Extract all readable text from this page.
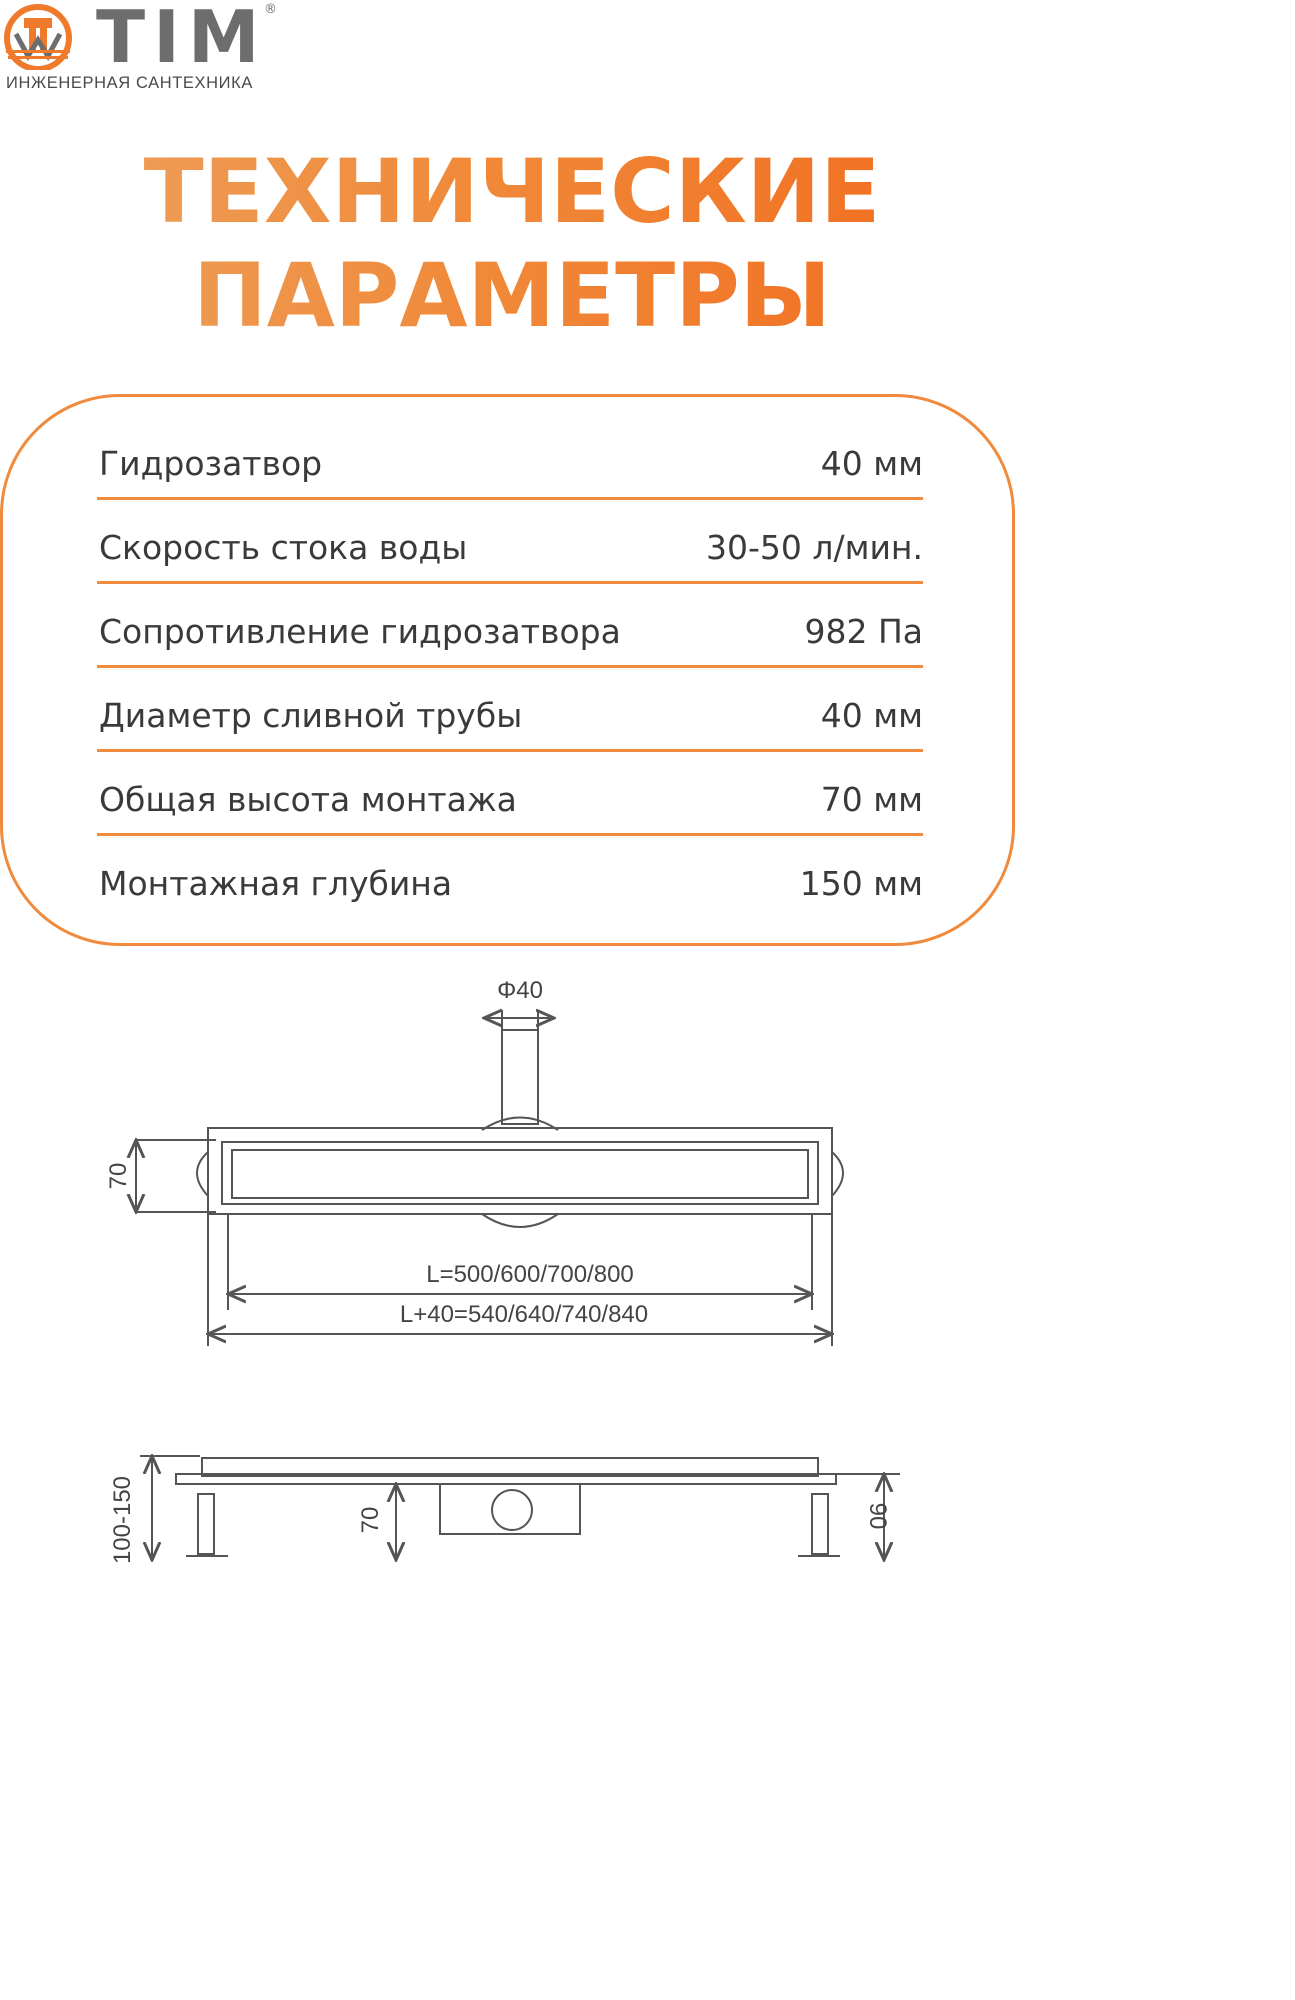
TIM
®
ИНЖЕНЕРНАЯ САНТЕХНИКА
ТЕХНИЧЕСКИЕ
ПАРАМЕТРЫ
Гидрозатвор	40 мм
Скорость стока воды	30-50 л/мин.
Сопротивление гидрозатвора	982 Па
Диаметр сливной трубы	40 мм
Общая высота монтажа	70 мм
Монтажная глубина	150 мм
Φ40
70
L=500/600/700/800
L+40=540/640/740/840
100-150	70	90
